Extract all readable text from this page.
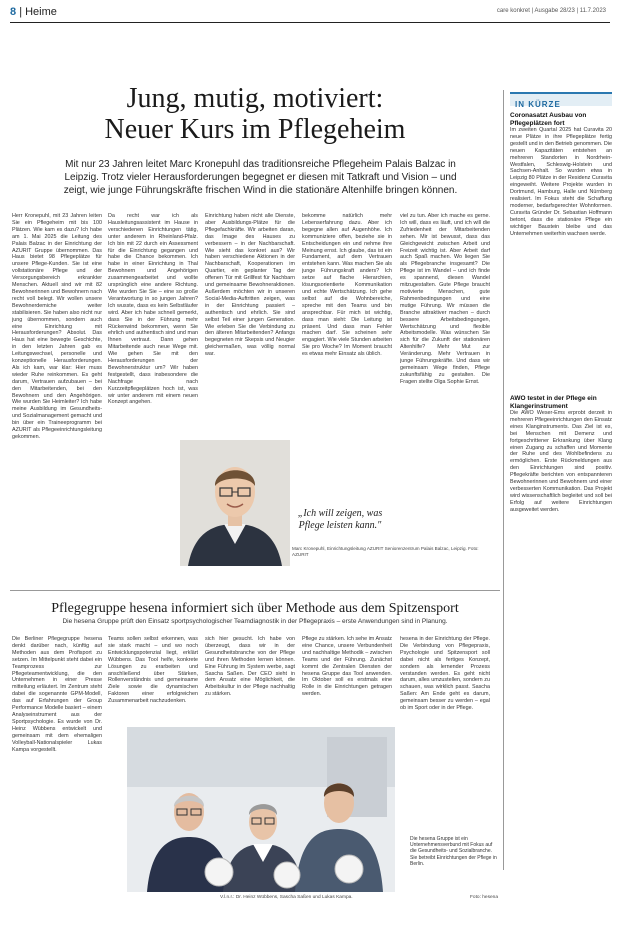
8 | Heime	care konkret | Ausgabe 28/23 | 11.7.2023
Jung, mutig, motiviert:
Neuer Kurs im Pflegeheim
Mit nur 23 Jahren leitet Marc Kronepuhl das traditionsreiche Pflegeheim Palais Balzac in Leipzig. Trotz vieler Herausforderungen begegnet er diesen mit Tatkraft und Vision – und zeigt, wie junge Führungskräfte frischen Wind in die stationäre Altenhilfe bringen können.
Herr Kronepuhl, mit 23 Jahren leiten Sie ein Pflegeheim mit bis 100 Plätzen. Wie kam es dazu? Ich habe am 1. Mai 2025 die Leitung des Palais Balzac in der Einrichtung der AZURIT Gruppe übernommen. Das Haus bietet 98 Pflegeplätze für unsere Pflege-Kunden. Sie ist eine vollstationäre Pflege und der Versorgungsbereich erkrankter Menschen. Aktuell sind wir mit 82 Bewohnerinnen und Bewohnern nach recht voll belegt. Wir wollen unsere Bewohnerdemiche weiter stabilisieren. Sie haben also nicht nur jung übernommen, sondern auch eine Einrichtung mit Herausforderungen? Absolut. Das Haus hat eine bewegte Geschichte, in den letzten Jahren gab es Leitungswechsel, personelle und konzeptionelle Herausforderungen. Als ich kam, war klar: Hier muss wieder Ruhe reinkommen. Es geht darum, Vertrauen aufzubauen – bei den Mitarbeitenden, bei den Bewohnern und den Angehörigen. Wie wurden Sie Heimleiter? Ich habe meine Ausbildung im Gesundheits- und Sozialmanagement gemacht und bin über ein Traineeprogramm bei AZURIT als Pflegeeinrichtungsleitung gekommen.
Da recht war ich als Hausleitungsassistent im Hause in verschiedenen Einrichtungen tätig, unter anderem in Rheinland-Pfalz. Ich bin mit 22 durch ein Assessment für die Einrichtung gegangen und habe die Chance bekommen. Ich habe in einer Einrichtung in Thal Bewohnern und Angehörigen zusammengearbeitet und wollte ursprünglich eine andere Richtung. Wie wurden Sie Sie – eine so große Verantwortung in so jungen Jahren? Ich wusste, dass es kein Selbstläufer wird. Aber ich habe schnell gemerkt, dass Sie in der Führung mehr Rückenwind bekommen, wenn Sie ehrlich und authentisch sind und man Ihnen vertraut. Dann gehen Mitarbeitende auch neue Wege mit. Wie gehen Sie mit den Herausforderungen der Bewohnerstruktur um? Wir haben festgestellt, dass insbesondere die Nachfrage nach Kurzzeitpflegeplätzen hoch ist, was wir unter anderem mit einem neuen Konzept angehen.
Einrichtung haben nicht alle Dienste, aber Ausbildungs-Plätze für die Pflegefachkräfte. Wir arbeiten daran, das Image des Hauses zu verbessern – in der Nachbarschaft. Wie sieht das konkret aus? Wir haben verschiedene Aktionen in der Nachbarschaft, Kooperationen im Quartier, ein geplanter Tag der offenen Tür mit Grillfest für Nachbarn und gemeinsame Bewohneraktionen. Außerdem möchten wir in unseren Social-Media-Auftritten zeigen, was in der Einrichtung passiert – authentisch und ehrlich. Sie sind selbst Teil einer jungen Generation. Wie erleben Sie die Verbindung zu den älteren Mitarbeitenden? Anfangs begegneten mir Skepsis und Neugier gleichermaßen, was völlig normal war.
bekomme natürlich mehr Lebenserfahrung dazu. Aber ich begegne allen auf Augenhöhe. Ich kommuniziere offen, beziehe sie in Entscheidungen ein und nehme ihre Meinung ernst. Ich glaube, das ist ein Fundament, auf dem Vertrauen entstehen kann. Was machen Sie als junge Führungskraft anders? Ich setze auf flache Hierarchien, lösungsorientierte Kommunikation und echte Wertschätzung. Ich gehe selbst auf die Wohnbereiche, spreche mit den Teams und bin ansprechbar. Für mich ist wichtig, dass man sieht: Die Leitung ist präsent. Und dass man Fehler machen darf. Sie scheinen sehr engagiert. Wie viele Stunden arbeiten Sie pro Woche? Im Moment braucht es etwas mehr Einsatz als üblich.
viel zu tun. Aber ich mache es gerne. Ich will, dass es läuft, und ich will die Zufriedenheit der Mitarbeitenden sehen. Mir ist bewusst, dass das Gleichgewicht zwischen Arbeit und Freizeit wichtig ist. Aber Arbeit darf auch Spaß machen. Wo liegen Sie als Pflegebranche insgesamt? Die Pflege ist im Wandel – und ich finde es spannend, diesen Wandel mitzugestalten. Gute Pflege braucht motivierte Menschen, gute Rahmenbedingungen und eine mutige Führung. Wir müssen die Branche attraktiver machen – durch bessere Arbeitsbedingungen, Wertschätzung und flexible Arbeitsmodelle. Was wünschen Sie sich für die Zukunft der stationären Altenhilfe? Mehr Mut zur Veränderung. Mehr Vertrauen in junge Führungskräfte. Und dass wir gemeinsam Wege finden, Pflege zukunftsfähig zu gestalten. Die Fragen stellte Olga Sophie Ernst.
„Ich will zeigen, was Pflege leisten kann."
Marc Kronepuhl, Einrichtungsleitung AZURIT Seniorenzentrum Palais Balzac, Leipzig. Foto: AZURIT
IN KÜRZE
Coronasatzt Ausbau von Pflegeplätzen fort
Im zweiten Quartal 2025 hat Curavita 20 neue Plätze in ihre Pflegeplätze fertig gestellt und in den Betrieb genommen. Die neuen Kapazitäten entstehen an mehreren Standorten in Nordrhein-Westfalen, Schleswig-Holstein und Sachsen-Anhalt. So wurden etwa in Leipzig 80 Plätze in der Residenz Curavita eingeweiht. Weitere Projekte wurden in Dortmund, Hamburg, Halle und Nürnberg realisiert. Im Fokus steht die Schaffung moderner, bedarfsgerechter Wohnformen. Curavita Gründer Dr. Sebastian Hoffmann betont, dass die stationäre Pflege ein wichtiger Baustein bleibe und das Unternehmen weiterhin wachsen werde.
AWO testet in der Pflege ein Klangerinstrument
Die AWO Weser-Ems erprobt derzeit in mehreren Pflegeeinrichtungen den Einsatz eines Klanginstruments. Das Ziel ist es, bei Menschen mit Demenz und fortgeschrittener Erkrankung über Klang einen Zugang zu schaffen und Momente der Ruhe und des Wohlbefindens zu ermöglichen. Erste Rückmeldungen aus den Einrichtungen sind positiv. Pflegekräfte berichten von entspannteren Bewohnerinnen und Bewohnern und einer verbesserten Kommunikation. Das Projekt wird wissenschaftlich begleitet und soll bei Erfolg auf weitere Einrichtungen ausgeweitet werden.
Pflegegruppe hesena informiert sich über Methode aus dem Spitzensport
Die hesena Gruppe prüft den Einsatz sportpsychologischer Teamdiagnostik in der Pflegepraxis – erste Anwendungen sind in Planung.
Die Berliner Pflegegruppe hesena denkt darüber nach, künftig auf Methoden aus dem Profisport zu setzen. Im Mittelpunkt steht dabei ein Teamprozess zur Pflegeteamentwicklung, die den Unternehmen in einer Presse mitteilung erläutert. Im Zentrum steht dabei die sogenannte GPM-Modell, das auf Erfahrungen der Group Performance Modelle basiert – einem Analyseinstrument aus der Sportpsychologie. Es wurde von Dr. Heinz Wübbens entwickelt und gemeinsam mit dem ehemaligen Volleyball-Nationalspieler Lukas Kampa vorgestellt.
Teams sollen selbst erkennen, was sie stark macht – und wo noch Entwicklungspotenzial liegt, erklärt Wübbens. Das Tool helfe, konkrete Lösungen zu erarbeiten und anschließend über Stärken, Rollenverständnis und gemeinsame Ziele sowie die dynamischen Faktoren einer erfolgreichen Zusammenarbeit nachzudenken.
sich hier gesucht. Ich habe von überzeugt, dass wir in der Gesundheitsbranche von der Pflege und ihren Methoden lernen können. Eine Führung im System werbe, sagt Sascha Saßen. Der CEO sieht in dem Ansatz eine Möglichkeit, die Arbeitskultur in der Pflege nachhaltig zu stärken.
Pflege zu stärken. Ich sehe im Ansatz eine Chance, unsere Verbundenheit und nachhaltige Methodik – zwischen Teams und der Führung. Zunächst kommt die Zentralen Diensten der hesena Gruppe das Tool anwenden. Im Oktober soll es erstmals eine Rolle in die Einrichtungen getragen werden.
hesena in der Einrichtung der Pflege. Die Verbindung von Pflegepraxis, Psychologie und Spitzensport soll dabei nicht als fertiges Konzept, sondern als lernender Prozess verstanden werden. Es geht nicht darum, alles umzustellen, sondern zu schauen, was wirklich passt. Sascha Saßen: Am Ende geht es darum, gemeinsam besser zu werden – egal ob im Sport oder in der Pflege.
V.l.n.r.: Dr. Heinz Wübbens, Sascha Saßen und Lukas Kampa.	Foto: hesena
Die hesena Gruppe ist ein Unternehmensverbund mit Fokus auf die Gesundheits- und Sozialbranche. Sie betreibt Einrichtungen der Pflege in Berlin.
